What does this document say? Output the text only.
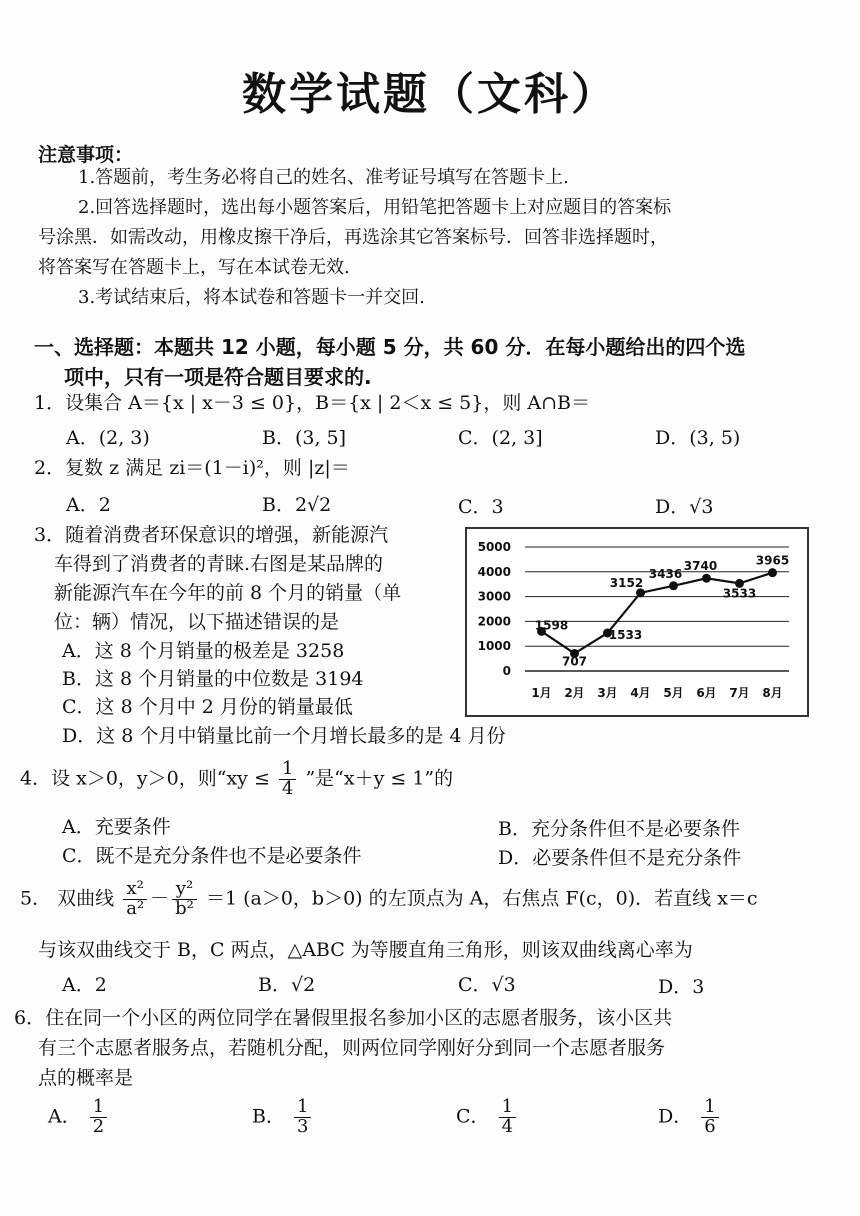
数学试题（文科）
注意事项：
1.答题前，考生务必将自己的姓名、准考证号填写在答题卡上.
2.回答选择题时，选出每小题答案后，用铅笔把答题卡上对应题目的答案标
号涂黑．如需改动，用橡皮擦干净后，再选涂其它答案标号．回答非选择题时，
将答案写在答题卡上，写在本试卷无效.
3.考试结束后，将本试卷和答题卡一并交回.
一、选择题：本题共 12 小题，每小题 5 分，共 60 分．在每小题给出的四个选
项中，只有一项是符合题目要求的.
1．设集合 A＝{x | x－3 ≤ 0}，B＝{x | 2＜x ≤ 5}，则 A∩B＝
A．(2, 3)	B．(3, 5]	C．(2, 3]	D．(3, 5)
2．复数 z 满足 zi＝(1－i)²，则 |z|＝
A．2	B．2√2	C．3	D．√3
3．随着消费者环保意识的增强，新能源汽
车得到了消费者的青睐.右图是某品牌的
新能源汽车在今年的前 8 个月的销量（单
位：辆）情况，以下描述错误的是
A．这 8 个月销量的极差是 3258
B．这 8 个月销量的中位数是 3194
C．这 8 个月中 2 月份的销量最低
D．这 8 个月中销量比前一个月增长最多的是 4 月份
0
1000
2000
3000
4000
5000
1月 2月 3月 4月 5月 6月 7月 8月
1598
707
1533
3152
3436
3740
3533
3965
4．设 x＞0，y＞0，则“xy ≤ $\frac{1}{4}$ ”是“x＋y ≤ 1”的
A．充要条件	B．充分条件但不是必要条件
C．既不是充分条件也不是必要条件	D．必要条件但不是充分条件
5． 双曲线 $\frac{\text{x²}}{\text{a²}} - \frac{\text{y²}}{\text{b²}} =1$ (a＞0，b＞0) 的左顶点为 A，右焦点 F(c，0)．若直线 x＝c
与该双曲线交于 B，C 两点，△ABC 为等腰直角三角形，则该双曲线离心率为
A．2	B．√2	C．√3	D．3
6．住在同一个小区的两位同学在暑假里报名参加小区的志愿者服务，该小区共
有三个志愿者服务点，若随机分配，则两位同学刚好分到同一个志愿者服务
点的概率是
A． $\frac{1}{2}$	B． $\frac{1}{3}$	C． $\frac{1}{4}$	D． $\frac{1}{6}$
